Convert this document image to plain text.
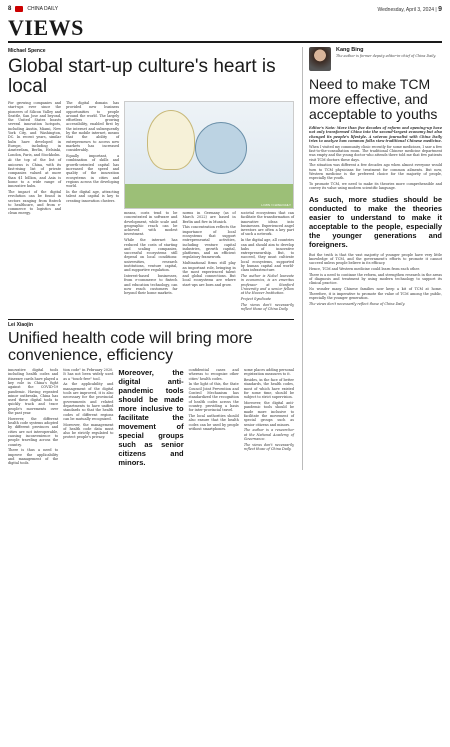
8	CHINA DAILY	Wednesday, April 3, 2024 | 9
VIEWS
Michael Spence
Global start-up culture's heart is local

For growing companies and start-ups ever since the pioneers of Silicon Valley and Seattle, San Jose and beyond, the United States boasts several innovation hotspots, including Austin, Miami, New York City, and Washington, DC. In recent years, similar hubs have developed in Europe, including in Amsterdam, Berlin, Helsinki, London, Paris, and Stockholm.

At the top of the list of unicorns is China, with its fast-rising list of private companies valued at more than $1 billion, and Asia is home to a wide range of innovative hubs.

The impact of the digital revolution can be found in sectors ranging from fintech to healthcare, and from e-commerce to logistics and clean energy.

The digital domain has provided new business opportunities to people around the world. The largely effortless growing accessibility, enabled first by the internet and subsequently by the mobile internet, means that the ability of entrepreneurs to access new markets has increased considerably.

Equally important, a combination of skills and growth-oriented capital has increased the speed and quality of the innovation ecosystems in cities and regions across the developing world.

In the digital age, attracting talent and capital is key to creating innovation clusters.

LI MIN / CHINA DAILY

means, costs tend to be concentrated in software and development, while scale and geographic reach can be achieved with modest investment.

While the internet has reduced the costs of starting and scaling companies, successful ecosystems still depend on local conditions: universities, research institutions, venture capital, and supportive regulation.

Interest-based businesses, from e-commerce to fintech and education technology, can now reach customers far beyond their home markets.

norms in Germany (as of March 2022) are based in Berlin and five in Munich.

This concentration reflects the importance of local ecosystems that support entrepreneurial activities, including venture capital industries, growth capital, platforms, and an efficient regulatory framework.

Multinational firms still play an important role, bringing in the most experienced talent and global connections. But local ecosystems are where start-ups are born and grow.

societal ecosystems that can facilitate the transformation of innovative ideas into businesses. Experienced angel investors are often a key part of such a network.

In the digital age, all countries can and should aim to develop hubs of innovative entrepreneurship. But, to succeed, they must cultivate local ecosystems, supported by human capital and world-class infrastructure.

The author is Nobel laureate in economics, is an emeritus professor at Stanford University and a senior fellow at the Hoover Institution.

Project Syndicate

The views don't necessarily reflect those of China Daily.

Lei Xiaojin
Unified health code will bring more convenience, efficiency

innovative digital tools including health codes and itinerary cards have played a key role in China's fight against the COVID-19 pandemic. Having repeated minor outbreaks, China has used these digital tools to quickly track and trace people's movements over the past year.

However, the different health code systems adopted by different provinces and cities are not interoperable, causing inconvenience to people traveling across the country.

There is thus a need to improve the applicability and management of the digital tools.

tion code" in February 2020. It has not been widely used as a "touch-free" tool.

As the applicability and management of the digital tools are improved, it is also necessary for the provincial governments and related departments to have unified standards so that the health codes of different regions can be mutually recognized.

Moreover, the management of health code data must also be strictly regulated to protect people's privacy.

Moreover, the digital anti-pandemic tools should be made more inclusive to facilitate the movement of special groups such as senior citizens and minors.

confidential cases and whereas to recognize other cities' health codes.

In the light of this, the State Council Joint Prevention and Control Mechanism has standardized the recognition of health codes across the country, providing a basis for inter-provincial travel.

The local authorities should also ensure that the health codes can be used by people without smartphones.

some places adding personal registration measures to it.

Besides, in the face of better standards, the health codes, most of which have existed for some time, should be subject to strict supervision.

Moreover, the digital anti-pandemic tools should be made more inclusive to facilitate the movement of special groups such as senior citizens and minors.

The author is a researcher at the National Academy of Governance.

The views don't necessarily reflect those of China Daily.

Kang Bing
The author is former deputy editor-in-chief of China Daily.
Need to make TCM more effective, and acceptable to youths

Editor's Note: More than five decades of reform and opening-up have not only transformed China into the second-largest economy but also changed its people's lifestyle. A veteran journalist with China Daily tries to analyze how common folks view traditional Chinese medicine.

When I visited my community clinic recently for some medicines, I saw a few fast-to-the-consultation room. The traditional Chinese medicine department was empty and the young doctor who attends there told me that few patients visit TCM doctors these days.

The situation was different a few decades ago when almost everyone would turn to TCM physicians for treatment for common ailments. But now, Western medicine is the preferred choice for the majority of people, especially the youth.

To promote TCM, we need to make its theories more comprehensible and convey its value using modern scientific language.

As such, more studies should be conducted to make the theories easier to understand to make it acceptable to the people, especially the younger generations and foreigners.

But the truth is that the vast majority of younger people have very little knowledge of TCM, and the government's efforts to promote it cannot succeed unless people believe in its efficacy.

Hence, TCM and Western medicine could learn from each other.

There is a need to continue the reform, and strengthen research in the areas of diagnosis and treatment by using modern technology to support its clinical practice.

No wonder many Chinese families now keep a kit of TCM at home. Therefore, it is imperative to promote the value of TCM among the public, especially the younger generation.

The views don't necessarily reflect those of China Daily.
